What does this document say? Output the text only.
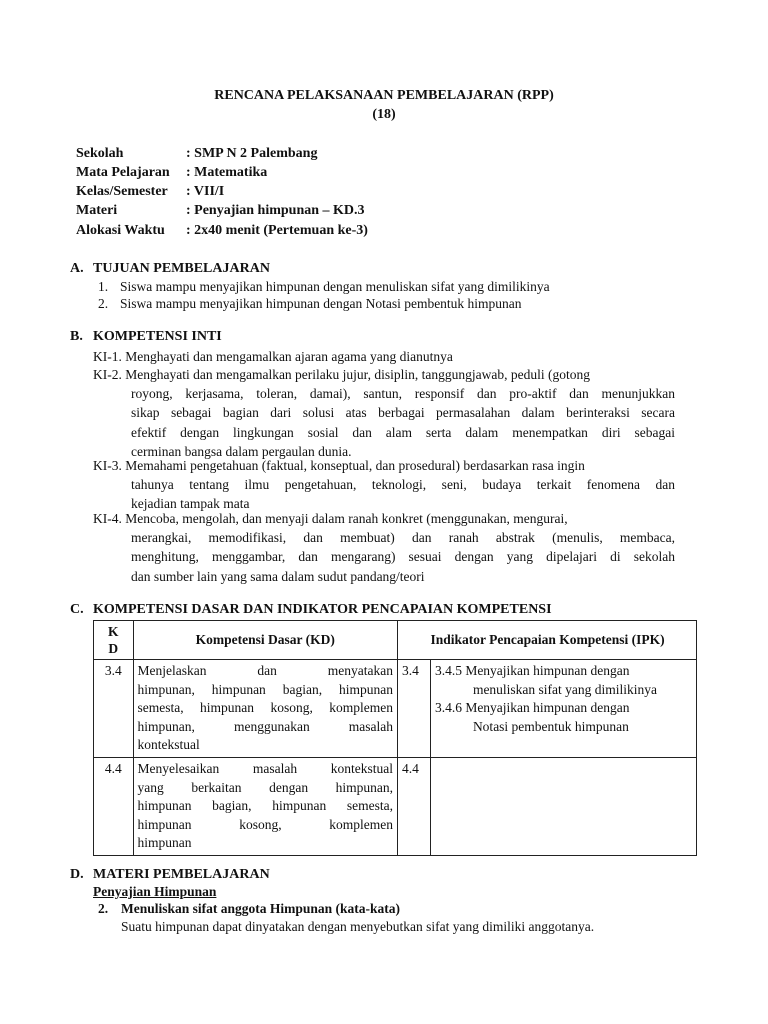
RENCANA PELAKSANAAN PEMBELAJARAN (RPP)
(18)
Sekolah	: SMP N 2 Palembang
Mata Pelajaran : Matematika
Kelas/Semester : VII/I
Materi	: Penyajian himpunan – KD.3
Alokasi Waktu : 2x40 menit (Pertemuan ke-3)
A. TUJUAN PEMBELAJARAN
1. Siswa mampu menyajikan himpunan dengan menuliskan sifat yang dimilikinya
2. Siswa mampu menyajikan himpunan dengan Notasi pembentuk himpunan
B. KOMPETENSI INTI
KI-1. Menghayati dan mengamalkan ajaran agama yang dianutnya
KI-2. Menghayati dan mengamalkan perilaku jujur, disiplin, tanggungjawab, peduli (gotong
royong, kerjasama, toleran, damai), santun, responsif dan pro-aktif dan menunjukkan
sikap sebagai bagian dari solusi atas berbagai permasalahan dalam berinteraksi secara
efektif dengan lingkungan sosial dan alam serta dalam menempatkan diri sebagai
cerminan bangsa dalam pergaulan dunia.
KI-3. Memahami pengetahuan (faktual, konseptual, dan prosedural) berdasarkan rasa ingin
tahunya tentang ilmu pengetahuan, teknologi, seni, budaya terkait fenomena dan
kejadian tampak mata
KI-4. Mencoba, mengolah, dan menyaji dalam ranah konkret (menggunakan, mengurai,
merangkai, memodifikasi, dan membuat) dan ranah abstrak (menulis, membaca,
menghitung, menggambar, dan mengarang) sesuai dengan yang dipelajari di sekolah
dan sumber lain yang sama dalam sudut pandang/teori
C. KOMPETENSI DASAR DAN INDIKATOR PENCAPAIAN KOMPETENSI
K
D	Kompetensi Dasar (KD)		Indikator Pencapaian Kompetensi (IPK)
3.4	Menjelaskan dan menyatakan
himpunan, himpunan bagian, himpunan
semesta, himpunan kosong, komplemen
himpunan, menggunakan masalah
kontekstual	3.4	3.4.5 Menyajikan himpunan dengan
menuliskan sifat yang dimilikinya
3.4.6 Menyajikan himpunan dengan
Notasi pembentuk himpunan

4.4	Menyelesaikan masalah kontekstual
yang berkaitan dengan himpunan,
himpunan bagian, himpunan semesta,
himpunan kosong, komplemen
himpunan	4.4	
D. MATERI PEMBELAJARAN
Penyajian Himpunan
2. Menuliskan sifat anggota Himpunan (kata-kata)
Suatu himpunan dapat dinyatakan dengan menyebutkan sifat yang dimiliki anggotanya.
